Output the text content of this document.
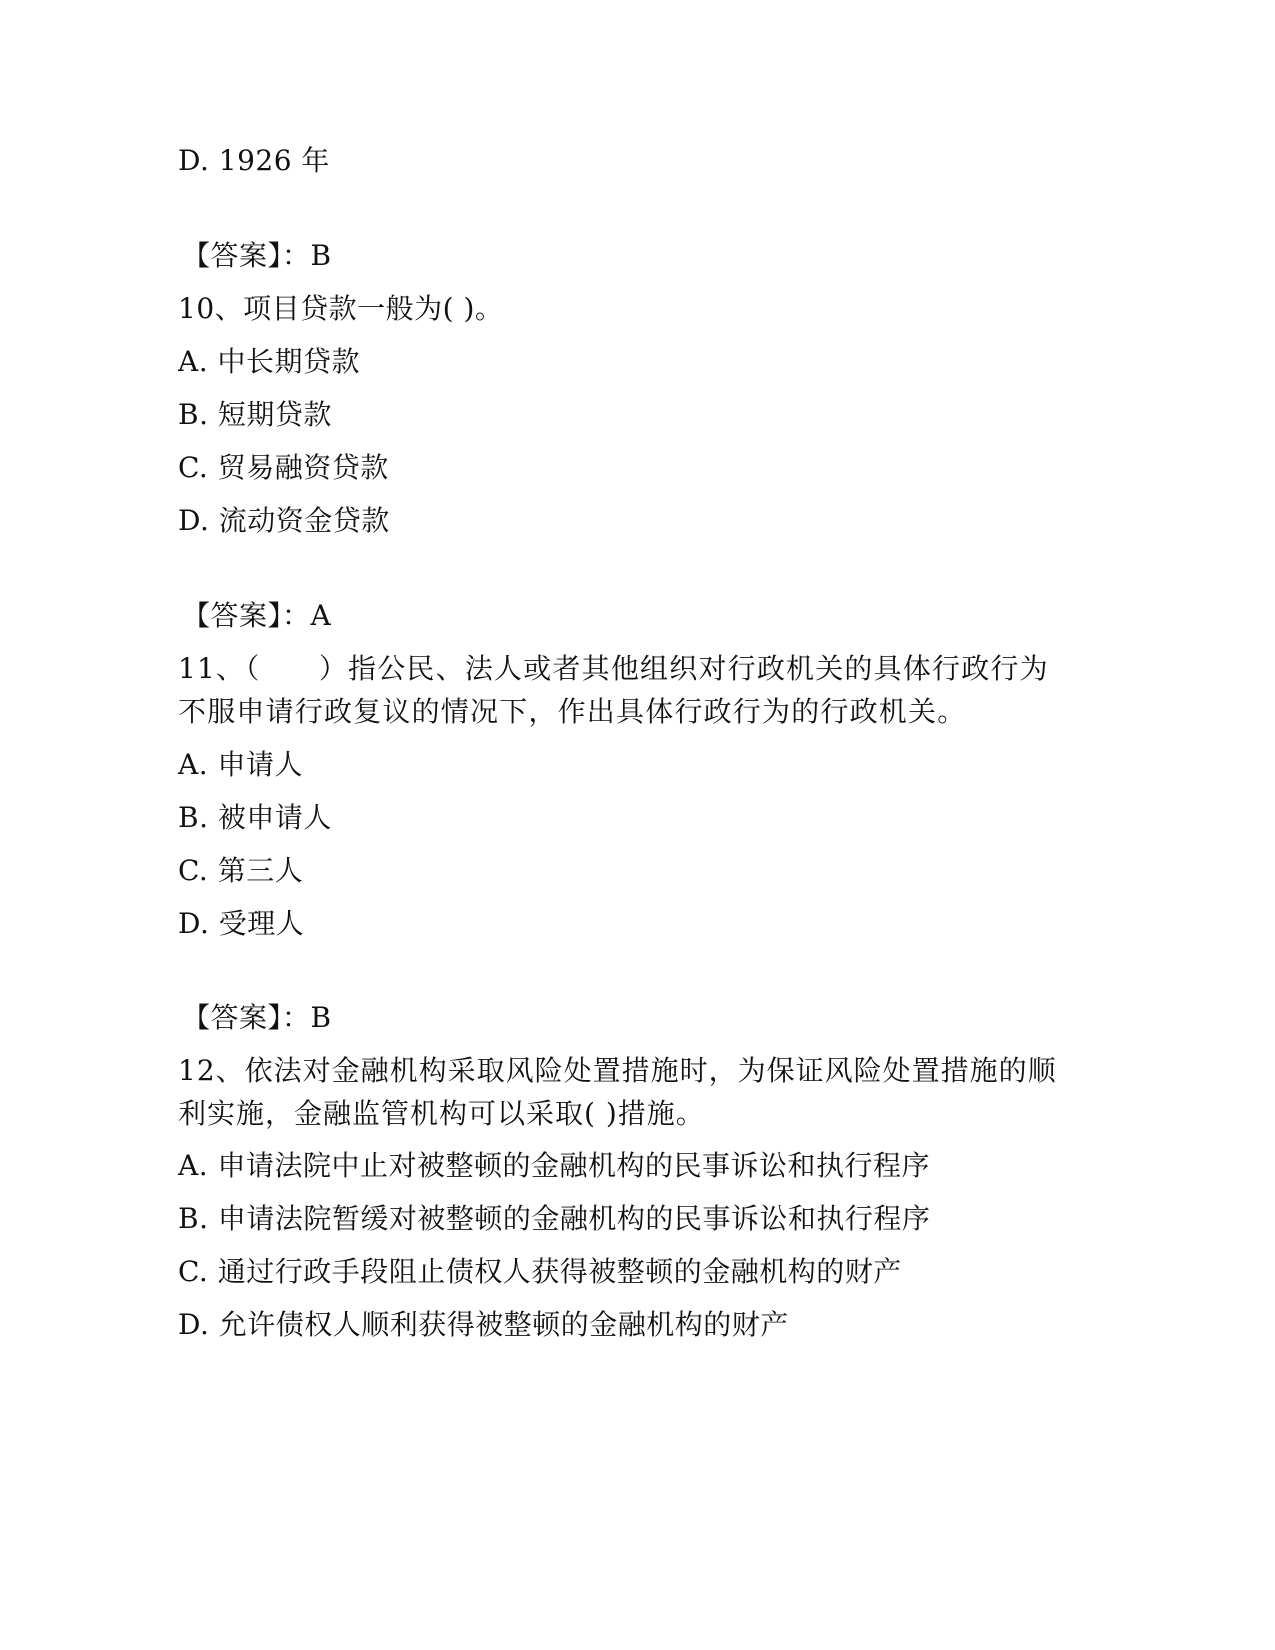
D. 1926 年
【答案】：B
10、项目贷款一般为( )。
A. 中长期贷款
B. 短期贷款
C. 贸易融资贷款
D. 流动资金贷款
【答案】：A
11、（　　）指公民、法人或者其他组织对行政机关的具体行政行为
不服申请行政复议的情况下，作出具体行政行为的行政机关。
A. 申请人
B. 被申请人
C. 第三人
D. 受理人
【答案】：B
12、依法对金融机构采取风险处置措施时，为保证风险处置措施的顺
利实施，金融监管机构可以采取( )措施。
A. 申请法院中止对被整顿的金融机构的民事诉讼和执行程序
B. 申请法院暂缓对被整顿的金融机构的民事诉讼和执行程序
C. 通过行政手段阻止债权人获得被整顿的金融机构的财产
D. 允许债权人顺利获得被整顿的金融机构的财产
